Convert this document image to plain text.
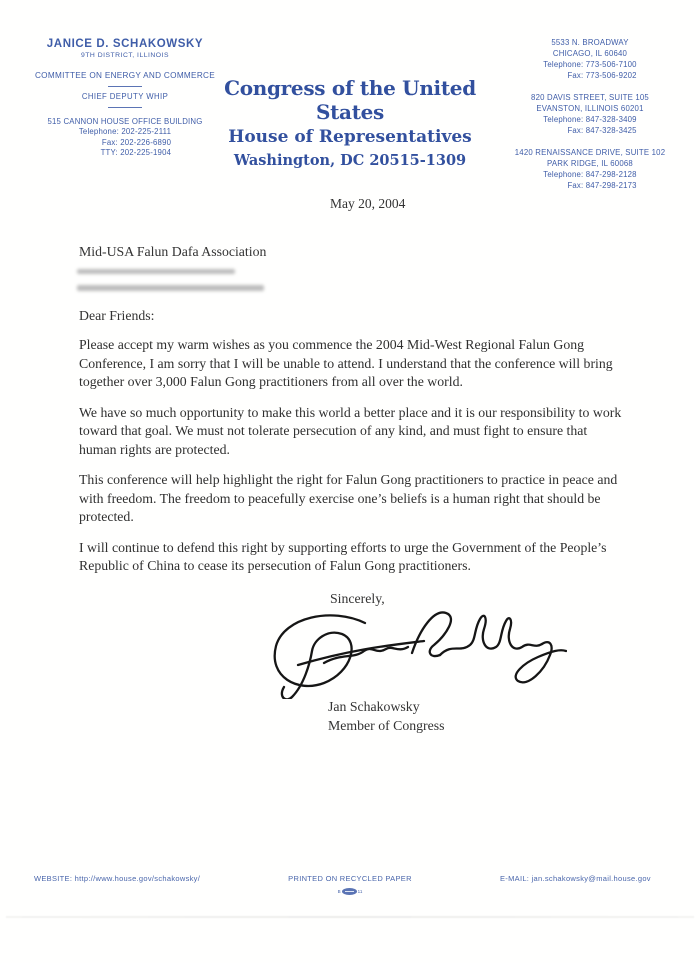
JANICE D. SCHAKOWSKY
9TH DISTRICT, ILLINOIS
COMMITTEE ON ENERGY AND COMMERCE
CHIEF DEPUTY WHIP
515 CANNON HOUSE OFFICE BUILDING
Telephone: 202-225-2111
Fax: 202-226-6890
TTY: 202-225-1904
Congress of the United States
House of Representatives
Washington, DC 20515-1309
5533 N. BROADWAY
CHICAGO, IL 60640
Telephone: 773-506-7100
Fax: 773-506-9202
820 DAVIS STREET, SUITE 105
EVANSTON, ILLINOIS 60201
Telephone: 847-328-3409
Fax: 847-328-3425
1420 RENAISSANCE DRIVE, SUITE 102
PARK RIDGE, IL 60068
Telephone: 847-298-2128
Fax: 847-298-2173
May 20, 2004
Mid-USA Falun Dafa Association
Dear Friends:

Please accept my warm wishes as you commence the 2004 Mid-West Regional Falun Gong Conference, I am sorry that I will be unable to attend. I understand that the conference will bring together over 3,000 Falun Gong practitioners from all over the world.

We have so much opportunity to make this world a better place and it is our responsibility to work toward that goal. We must not tolerate persecution of any kind, and must fight to ensure that human rights are protected.

This conference will help highlight the right for Falun Gong practitioners to practice in peace and with freedom. The freedom to peacefully exercise one’s beliefs is a human right that should be protected.

I will continue to defend this right by supporting efforts to urge the Government of the People’s Republic of China to cease its persecution of Falun Gong practitioners.

Sincerely,
Jan Schakowsky
Member of Congress
WEBSITE: http://www.house.gov/schakowsky/	PRINTED ON RECYCLED PAPER
B	11
E-MAIL: jan.schakowsky@mail.house.gov
